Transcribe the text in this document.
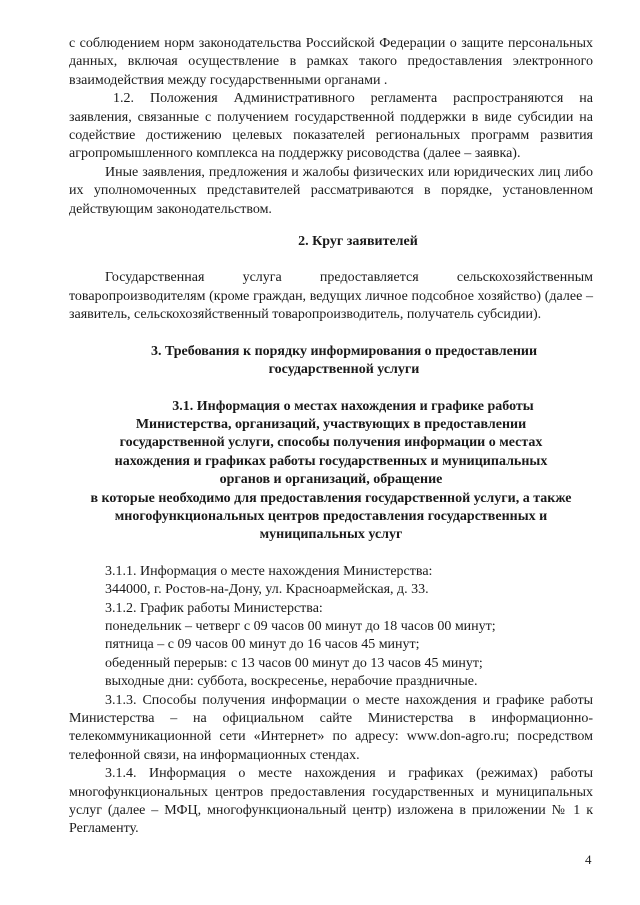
с соблюдением норм законодательства Российской Федерации о защите персональных данных, включая осуществление в рамках такого предоставления электронного взаимодействия между государственными органами .

1.2. Положения Административного регламента распространяются на заявления, связанные с получением государственной поддержки в виде субсидии на содействие достижению целевых показателей региональных программ развития агропромышленного комплекса на поддержку рисоводства (далее – заявка).

Иные заявления, предложения и жалобы физических или юридических лиц либо их уполномоченных представителей рассматриваются в порядке, установленном действующим законодательством.

2. Круг заявителей

Государственная услуга предоставляется сельскохозяйственным товаропроизводителям (кроме граждан, ведущих личное подсобное хозяйство) (далее – заявитель, сельскохозяйственный товаропроизводитель, получатель субсидии).

3. Требования к порядку информирования о предоставлении государственной услуги

3.1. Информация о местах нахождения и графике работы
Министерства, организаций, участвующих в предоставлении
государственной услуги, способы получения информации о местах
нахождения и графиках работы государственных и муниципальных
органов и организаций, обращение
в которые необходимо для предоставления государственной услуги, а также
многофункциональных центров предоставления государственных и
муниципальных услуг

3.1.1. Информация о месте нахождения Министерства:

344000, г. Ростов-на-Дону, ул. Красноармейская, д. 33.

3.1.2. График работы Министерства:

понедельник – четверг с 09 часов 00 минут до 18 часов 00 минут;

пятница – с 09 часов 00 минут до 16 часов 45 минут;

обеденный перерыв: с 13 часов 00 минут до 13 часов 45 минут;

выходные дни: суббота, воскресенье, нерабочие праздничные.

3.1.3. Способы получения информации о месте нахождения и графике работы Министерства – на официальном сайте Министерства в информационно-телекоммуникационной сети «Интернет» по адресу: www.don-agro.ru; посредством телефонной связи, на информационных стендах.

3.1.4. Информация о месте нахождения и графиках (режимах) работы многофункциональных центров предоставления государственных и муниципальных услуг (далее – МФЦ, многофункциональный центр) изложена в приложении № 1 к Регламенту.

4
